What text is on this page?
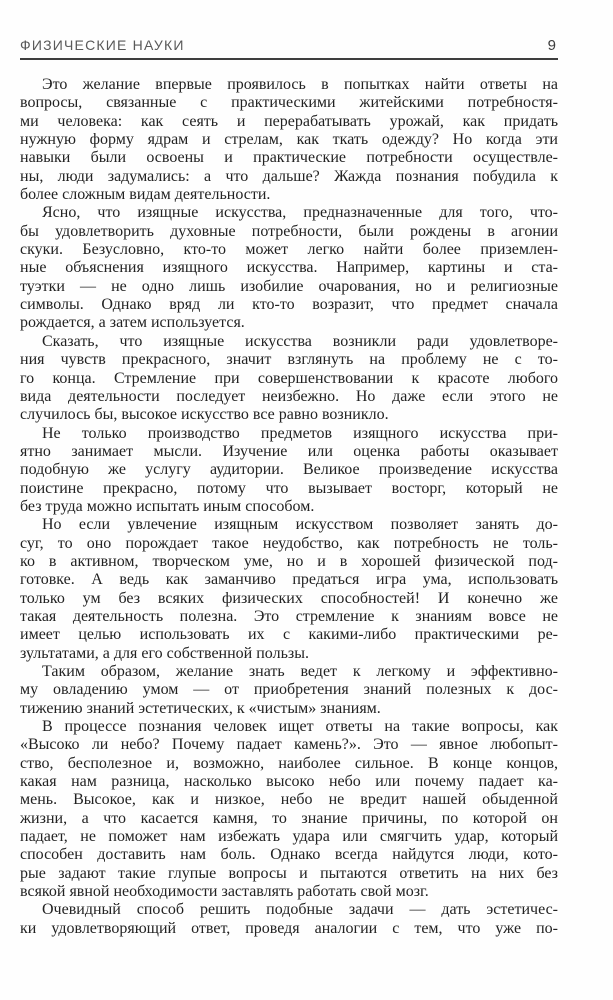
ФИЗИЧЕСКИЕ НАУКИ	9

Это желание впервые проявилось в попытках найти ответы на
вопросы, связанные с практическими житейскими потребностя-
ми человека: как сеять и перерабатывать урожай, как придать
нужную форму ядрам и стрелам, как ткать одежду? Но когда эти
навыки были освоены и практические потребности осуществле-
ны, люди задумались: а что дальше? Жажда познания побудила к
более сложным видам деятельности.

Ясно, что изящные искусства, предназначенные для того, что-
бы удовлетворить духовные потребности, были рождены в агонии
скуки. Безусловно, кто-то может легко найти более приземлен-
ные объяснения изящного искусства. Например, картины и ста-
туэтки — не одно лишь изобилие очарования, но и религиозные
символы. Однако вряд ли кто-то возразит, что предмет сначала
рождается, а затем используется.

Сказать, что изящные искусства возникли ради удовлетворе-
ния чувств прекрасного, значит взглянуть на проблему не с то-
го конца. Стремление при совершенствовании к красоте любого
вида деятельности последует неизбежно. Но даже если этого не
случилось бы, высокое искусство все равно возникло.

Не только производство предметов изящного искусства при-
ятно занимает мысли. Изучение или оценка работы оказывает
подобную же услугу аудитории. Великое произведение искусства
поистине прекрасно, потому что вызывает восторг, который не
без труда можно испытать иным способом.

Но если увлечение изящным искусством позволяет занять до-
суг, то оно порождает такое неудобство, как потребность не толь-
ко в активном, творческом уме, но и в хорошей физической под-
готовке. А ведь как заманчиво предаться игра ума, использовать
только ум без всяких физических способностей! И конечно же
такая деятельность полезна. Это стремление к знаниям вовсе не
имеет целью использовать их с какими-либо практическими ре-
зультатами, а для его собственной пользы.

Таким образом, желание знать ведет к легкому и эффективно-
му овладению умом — от приобретения знаний полезных к дос-
тижению знаний эстетических, к «чистым» знаниям.

В процессе познания человек ищет ответы на такие вопросы, как
«Высоко ли небо? Почему падает камень?». Это — явное любопыт-
ство, бесполезное и, возможно, наиболее сильное. В конце концов,
какая нам разница, насколько высоко небо или почему падает ка-
мень. Высокое, как и низкое, небо не вредит нашей обыденной
жизни, а что касается камня, то знание причины, по которой он
падает, не поможет нам избежать удара или смягчить удар, который
способен доставить нам боль. Однако всегда найдутся люди, кото-
рые задают такие глупые вопросы и пытаются ответить на них без
всякой явной необходимости заставлять работать свой мозг.

Очевидный способ решить подобные задачи — дать эстетичес-
ки удовлетворяющий ответ, проведя аналогии с тем, что уже по-
